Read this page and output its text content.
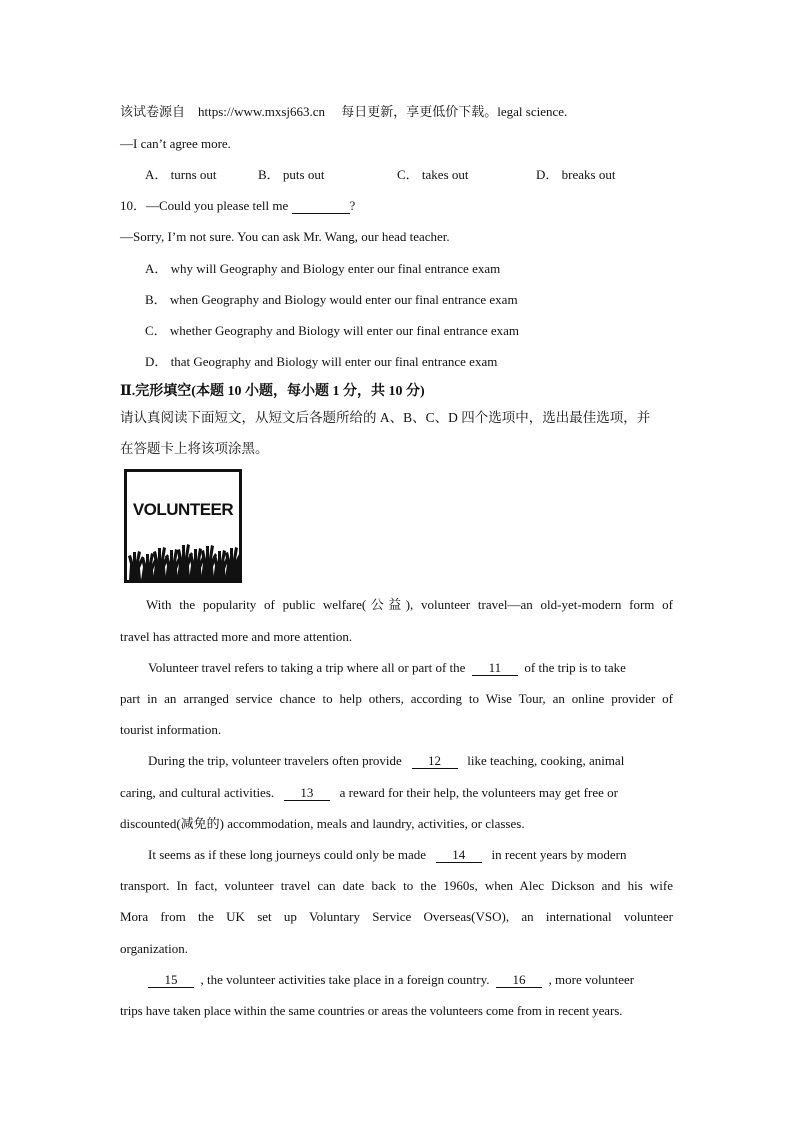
该试卷源自 https://www.mxsj663.cn 每日更新，享更低价下载。legal science.
—I can’t agree more.
A． turns out	B． puts out	C． takes out	D． breaks out
10．—Could you please tell me	?
—Sorry, I’m not sure. You can ask Mr. Wang, our head teacher.
A． why will Geography and Biology enter our final entrance exam
B． when Geography and Biology would enter our final entrance exam
C． whether Geography and Biology will enter our final entrance exam
D． that Geography and Biology will enter our final entrance exam
Ⅱ.完形填空(本题 10 小题，每小题 1 分，共 10 分)
请认真阅读下面短文，从短文后各题所给的 A、B、C、D 四个选项中，选出最佳选项，并
在答题卡上将该项涂黑。
VOLUNTEER
  With the popularity of public welfare(公益), volunteer travel—an old-yet-modern form of
travel has attracted more and more attention.
Volunteer travel refers to taking a trip where all or part of the 11 of the trip is to take
part in an arranged service chance to help others, according to Wise Tour, an online provider of
tourist information.
During the trip, volunteer travelers often provide 12 like teaching, cooking, animal
caring, and cultural activities. 13 a reward for their help, the volunteers may get free or
discounted(减免的) accommodation, meals and laundry, activities, or classes.
It seems as if these long journeys could only be made 14 in recent years by modern
transport. In fact, volunteer travel can date back to the 1960s, when Alec Dickson and his wife
Mora from the UK set up Voluntary Service Overseas(VSO), an international volunteer
organization.
15 , the volunteer activities take place in a foreign country. 16 , more volunteer
trips have taken place within the same countries or areas the volunteers come from in recent years.
